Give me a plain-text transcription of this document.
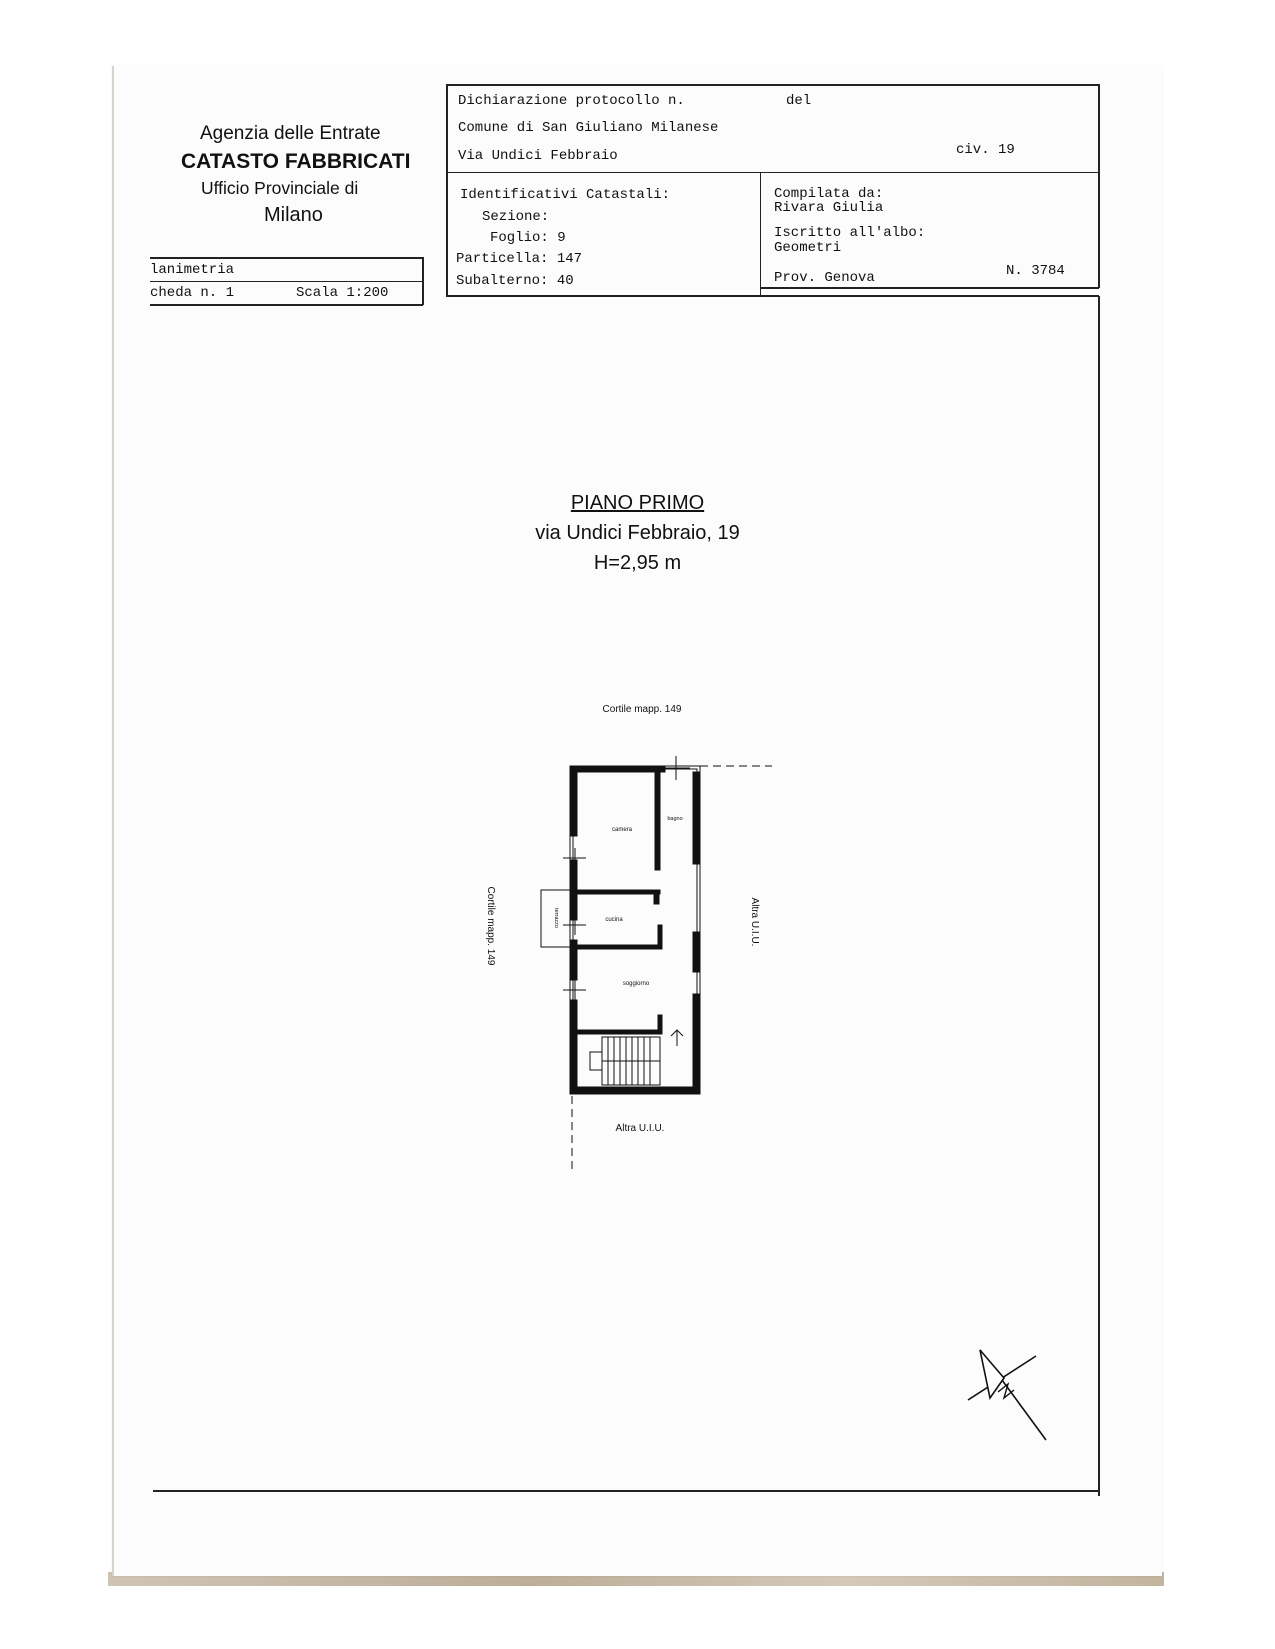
Agenzia delle Entrate
CATASTO FABBRICATI
Ufficio Provinciale di
Milano
lanimetria
cheda n. 1	Scala 1:200
Dichiarazione protocollo n.	del
Comune di San Giuliano Milanese
Via Undici Febbraio	civ. 19
Identificativi Catastali:
Sezione:
Foglio: 9
Particella: 147
Subalterno: 40
Compilata da:
Rivara Giulia
Iscritto all'albo:
Geometri
Prov. Genova	N. 3784
PIANO PRIMO
via Undici Febbraio, 19
H=2,95 m
camera
bagno
cucina
terrazzo
soggiorno
Cortile mapp. 149
Cortile mapp. 149	Altra U.I.U.
Altra U.I.U.
